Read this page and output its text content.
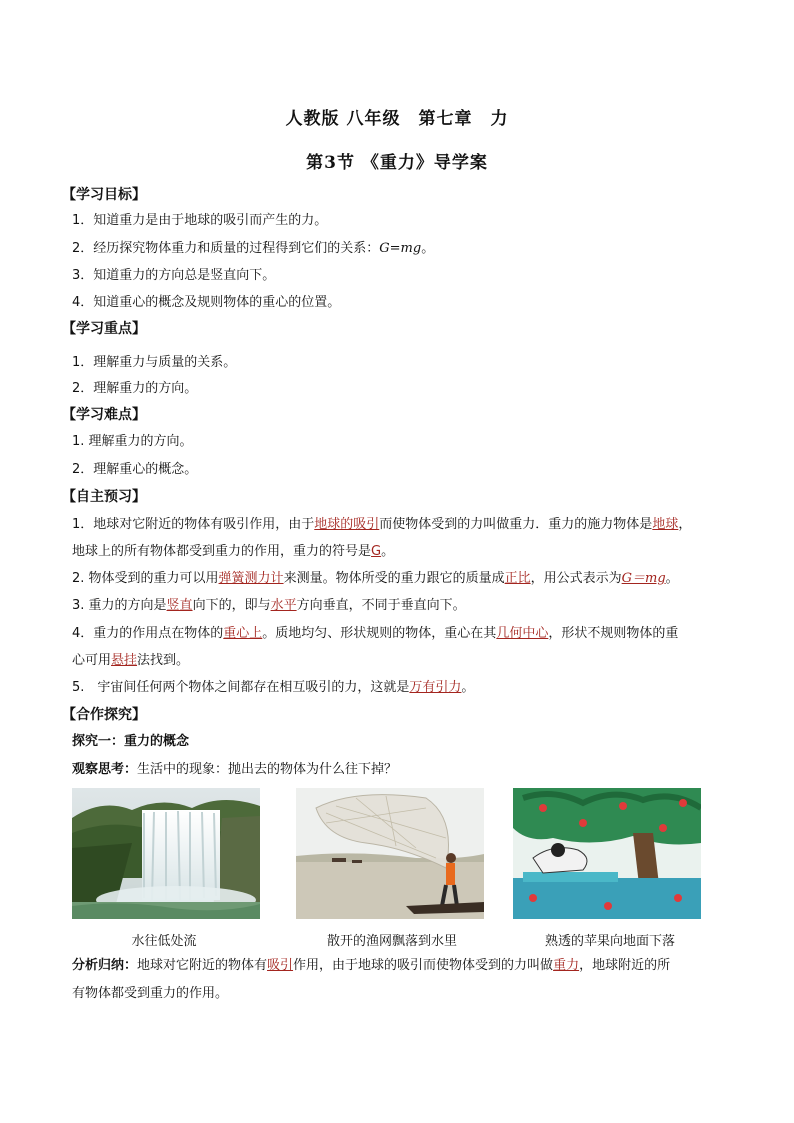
人教版 八年级　第七章　力
第3节 《重力》导学案
【学习目标】
1．知道重力是由于地球的吸引而产生的力。
2．经历探究物体重力和质量的过程得到它们的关系：G=mg。
3．知道重力的方向总是竖直向下。
4．知道重心的概念及规则物体的重心的位置。
【学习重点】
1．理解重力与质量的关系。
2．理解重力的方向。
【学习难点】
1. 理解重力的方向。
2．理解重心的概念。
【自主预习】
1．地球对它附近的物体有吸引作用，由于地球的吸引而使物体受到的力叫做重力．重力的施力物体是地球，
地球上的所有物体都受到重力的作用，重力的符号是G。
2. 物体受到的重力可以用弹簧测力计来测量。物体所受的重力跟它的质量成正比，用公式表示为G＝mg。
3. 重力的方向是竖直向下的，即与水平方向垂直，不同于垂直向下。
4．重力的作用点在物体的重心上。质地均匀、形状规则的物体，重心在其几何中心，形状不规则物体的重
心可用悬挂法找到。
5.　宇宙间任何两个物体之间都存在相互吸引的力，这就是万有引力。
【合作探究】
探究一：重力的概念
观察思考：生活中的现象：抛出去的物体为什么往下掉？
水往低处流	散开的渔网飘落到水里	熟透的苹果向地面下落
分析归纳：地球对它附近的物体有吸引作用，由于地球的吸引而使物体受到的力叫做重力，地球附近的所
有物体都受到重力的作用。
